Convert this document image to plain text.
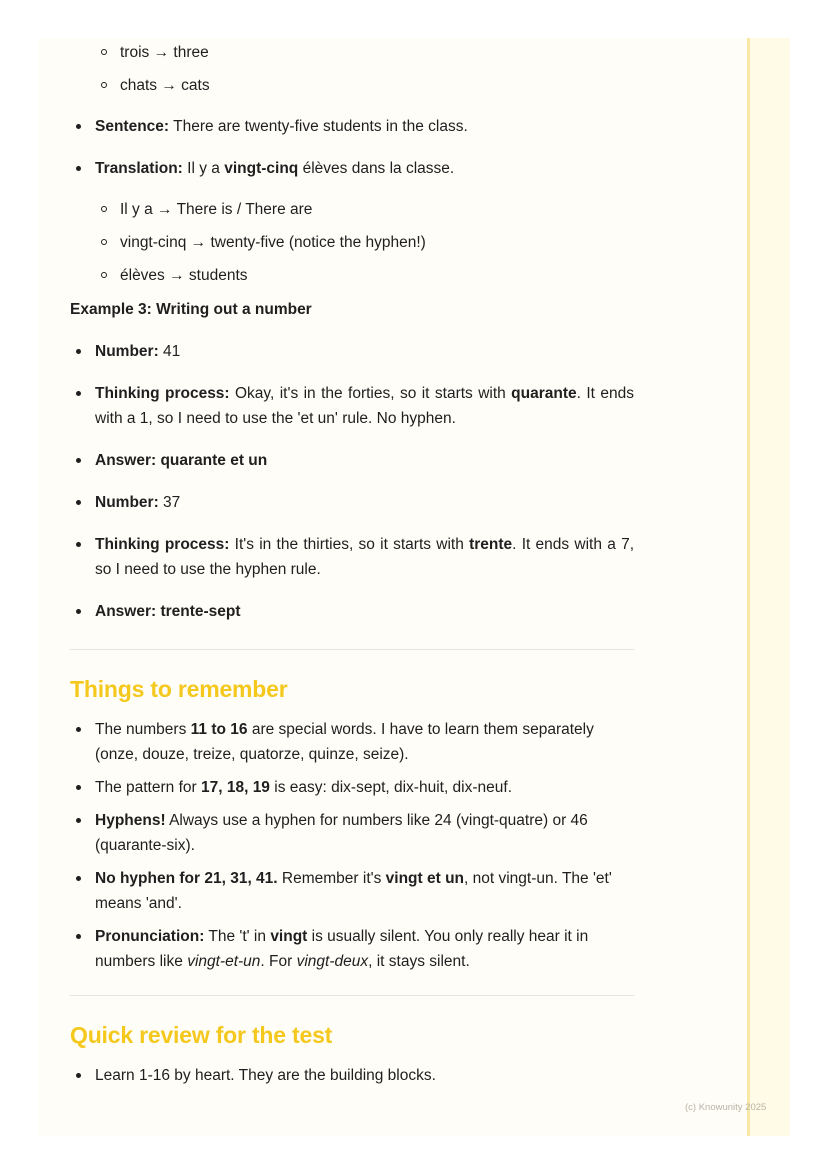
trois → three
chats → cats
Sentence: There are twenty-five students in the class.
Translation: Il y a vingt-cinq élèves dans la classe.
Il y a → There is / There are
vingt-cinq → twenty-five (notice the hyphen!)
élèves → students

Example 3: Writing out a number

Number: 41
Thinking process: Okay, it's in the forties, so it starts with quarante. It ends with a 1, so I need to use the 'et un' rule. No hyphen.
Answer: quarante et un
Number: 37
Thinking process: It's in the thirties, so it starts with trente. It ends with a 7, so I need to use the hyphen rule.
Answer: trente-sept
Things to remember
The numbers 11 to 16 are special words. I have to learn them separately (onze, douze, treize, quatorze, quinze, seize).
The pattern for 17, 18, 19 is easy: dix-sept, dix-huit, dix-neuf.
Hyphens! Always use a hyphen for numbers like 24 (vingt-quatre) or 46 (quarante-six).
No hyphen for 21, 31, 41. Remember it's vingt et un, not vingt-un. The 'et' means 'and'.
Pronunciation: The 't' in vingt is usually silent. You only really hear it in numbers like vingt-et-un. For vingt-deux, it stays silent.
Quick review for the test
Learn 1-16 by heart. They are the building blocks.
(c) Knowunity 2025
